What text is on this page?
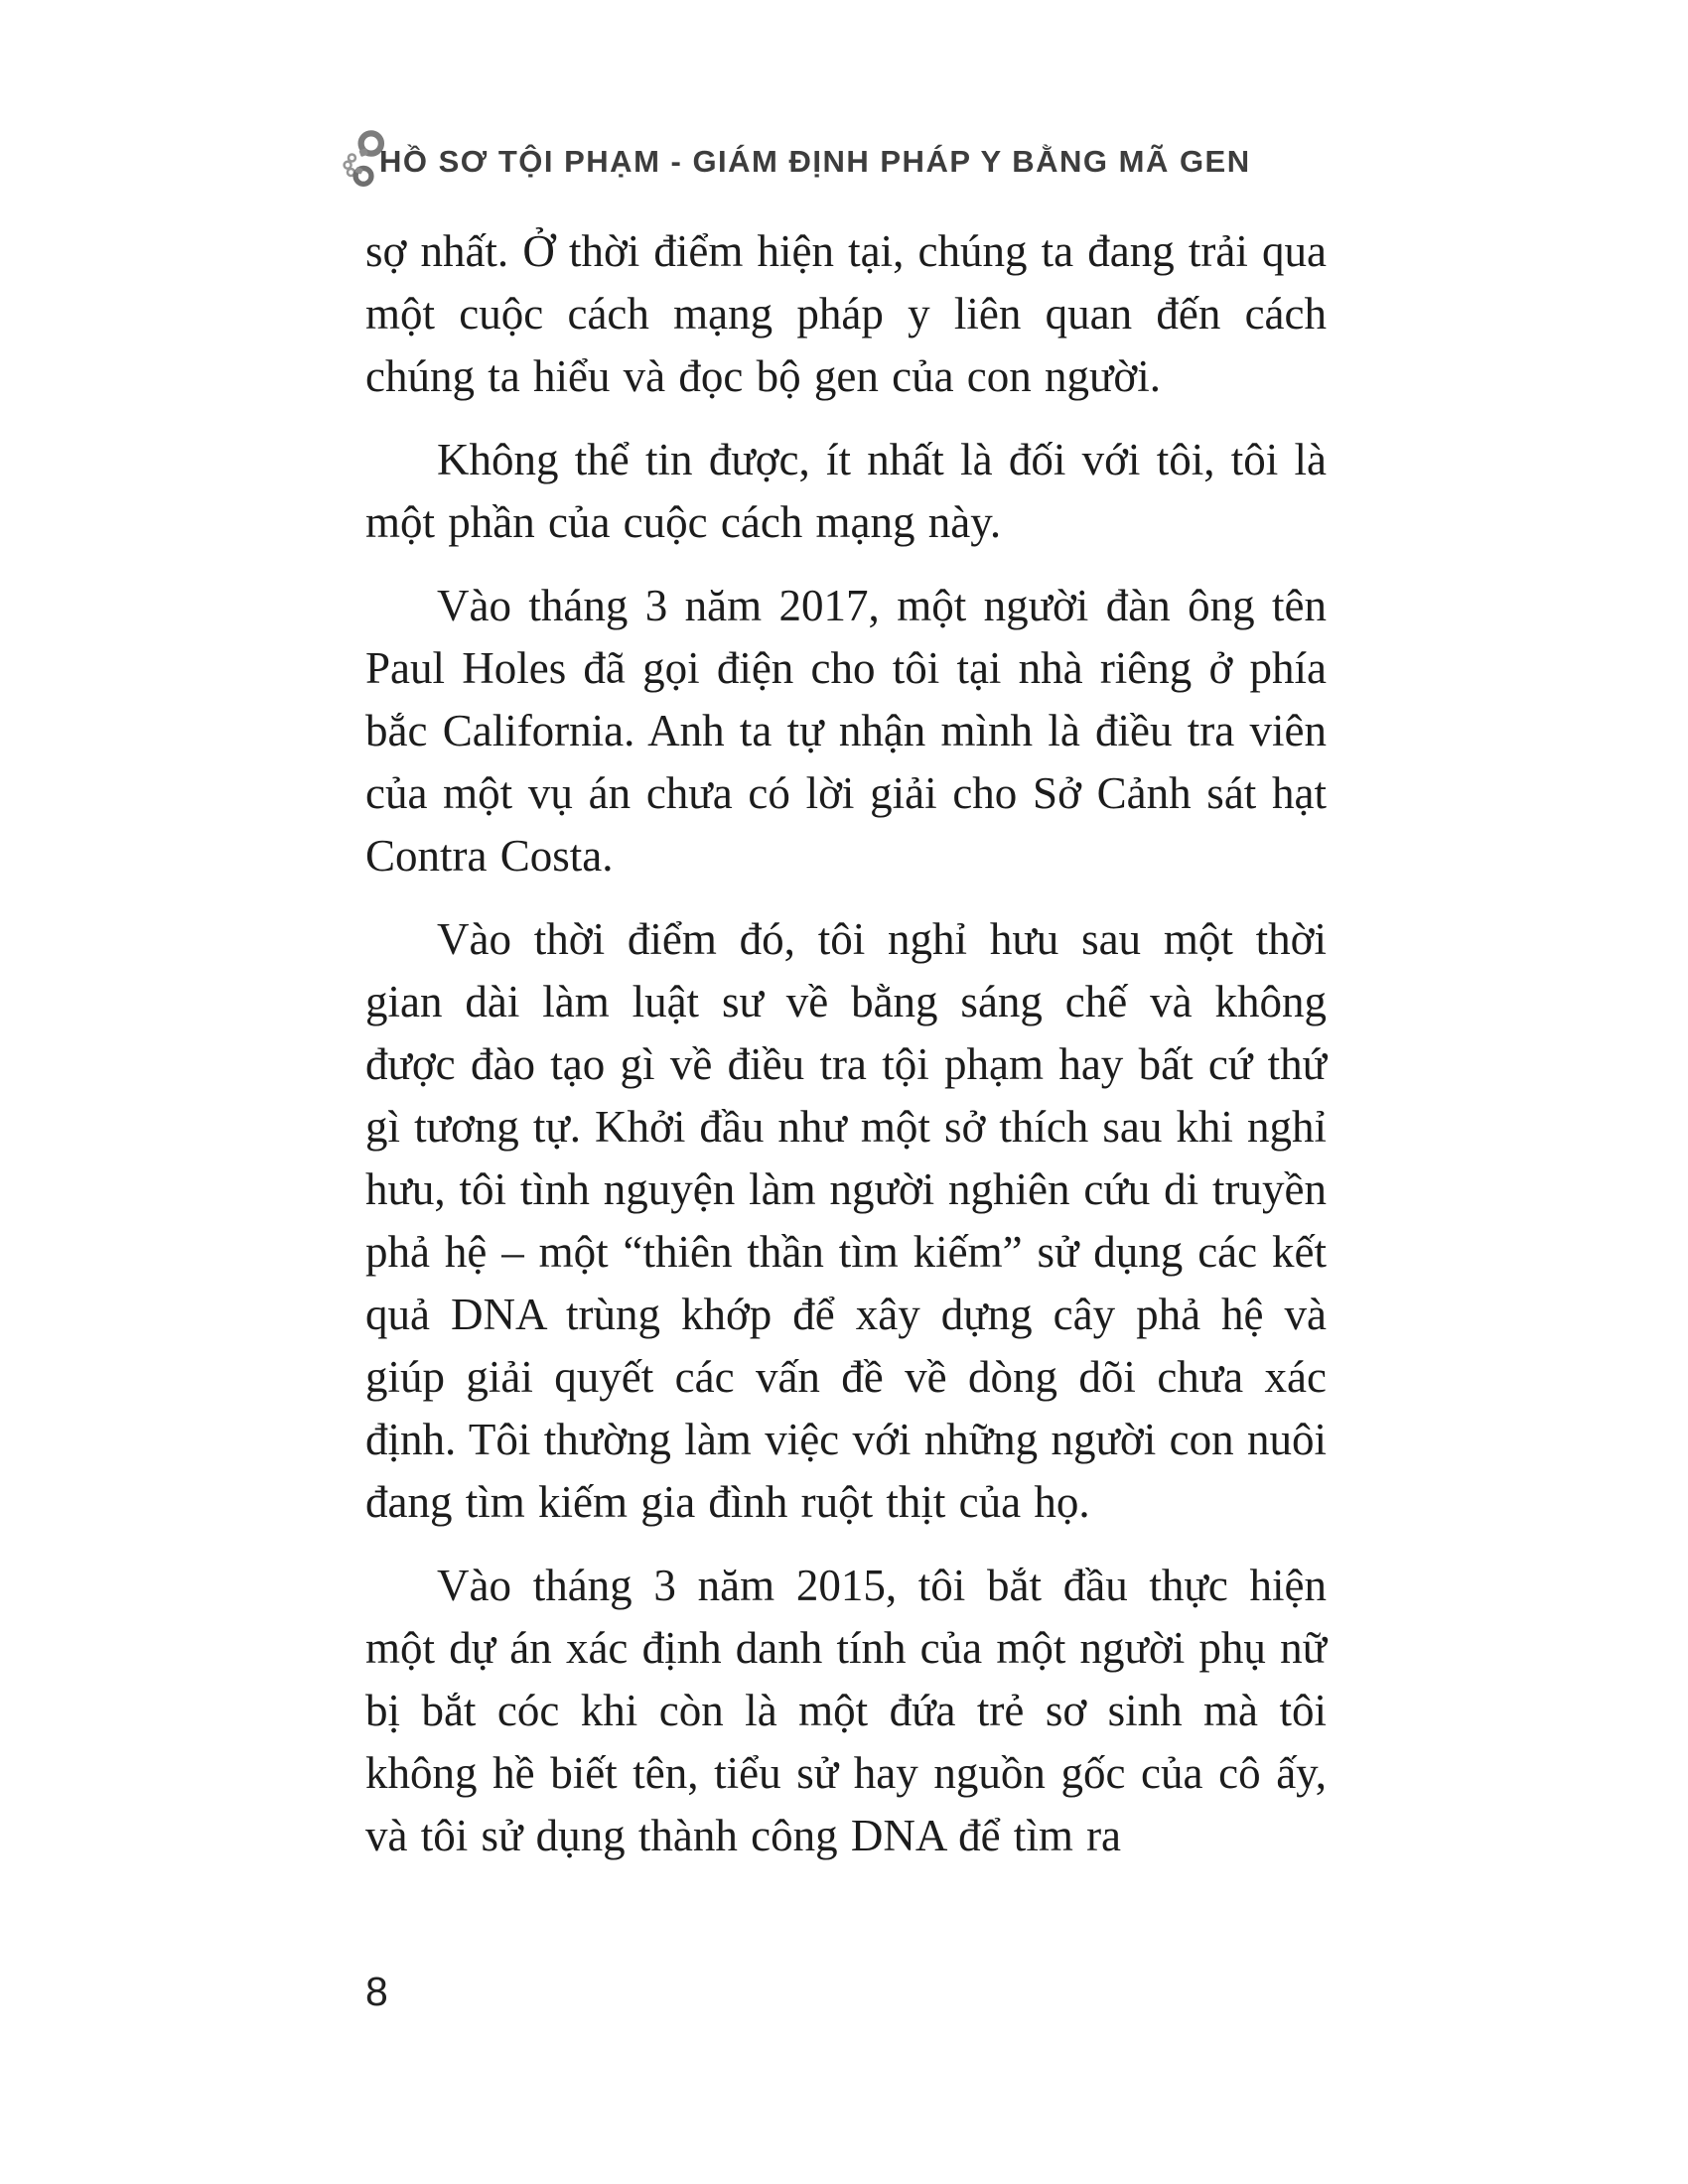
HỒ SƠ TỘI PHẠM - GIÁM ĐỊNH PHÁP Y BẰNG MÃ GEN

sợ nhất. Ở thời điểm hiện tại, chúng ta đang trải qua một cuộc cách mạng pháp y liên quan đến cách chúng ta hiểu và đọc bộ gen của con người.

Không thể tin được, ít nhất là đối với tôi, tôi là một phần của cuộc cách mạng này.

Vào tháng 3 năm 2017, một người đàn ông tên Paul Holes đã gọi điện cho tôi tại nhà riêng ở phía bắc California. Anh ta tự nhận mình là điều tra viên của một vụ án chưa có lời giải cho Sở Cảnh sát hạt Contra Costa.

Vào thời điểm đó, tôi nghỉ hưu sau một thời gian dài làm luật sư về bằng sáng chế và không được đào tạo gì về điều tra tội phạm hay bất cứ thứ gì tương tự. Khởi đầu như một sở thích sau khi nghỉ hưu, tôi tình nguyện làm người nghiên cứu di truyền phả hệ – một “thiên thần tìm kiếm” sử dụng các kết quả DNA trùng khớp để xây dựng cây phả hệ và giúp giải quyết các vấn đề về dòng dõi chưa xác định. Tôi thường làm việc với những người con nuôi đang tìm kiếm gia đình ruột thịt của họ.

Vào tháng 3 năm 2015, tôi bắt đầu thực hiện một dự án xác định danh tính của một người phụ nữ bị bắt cóc khi còn là một đứa trẻ sơ sinh mà tôi không hề biết tên, tiểu sử hay nguồn gốc của cô ấy, và tôi sử dụng thành công DNA để tìm ra

8
